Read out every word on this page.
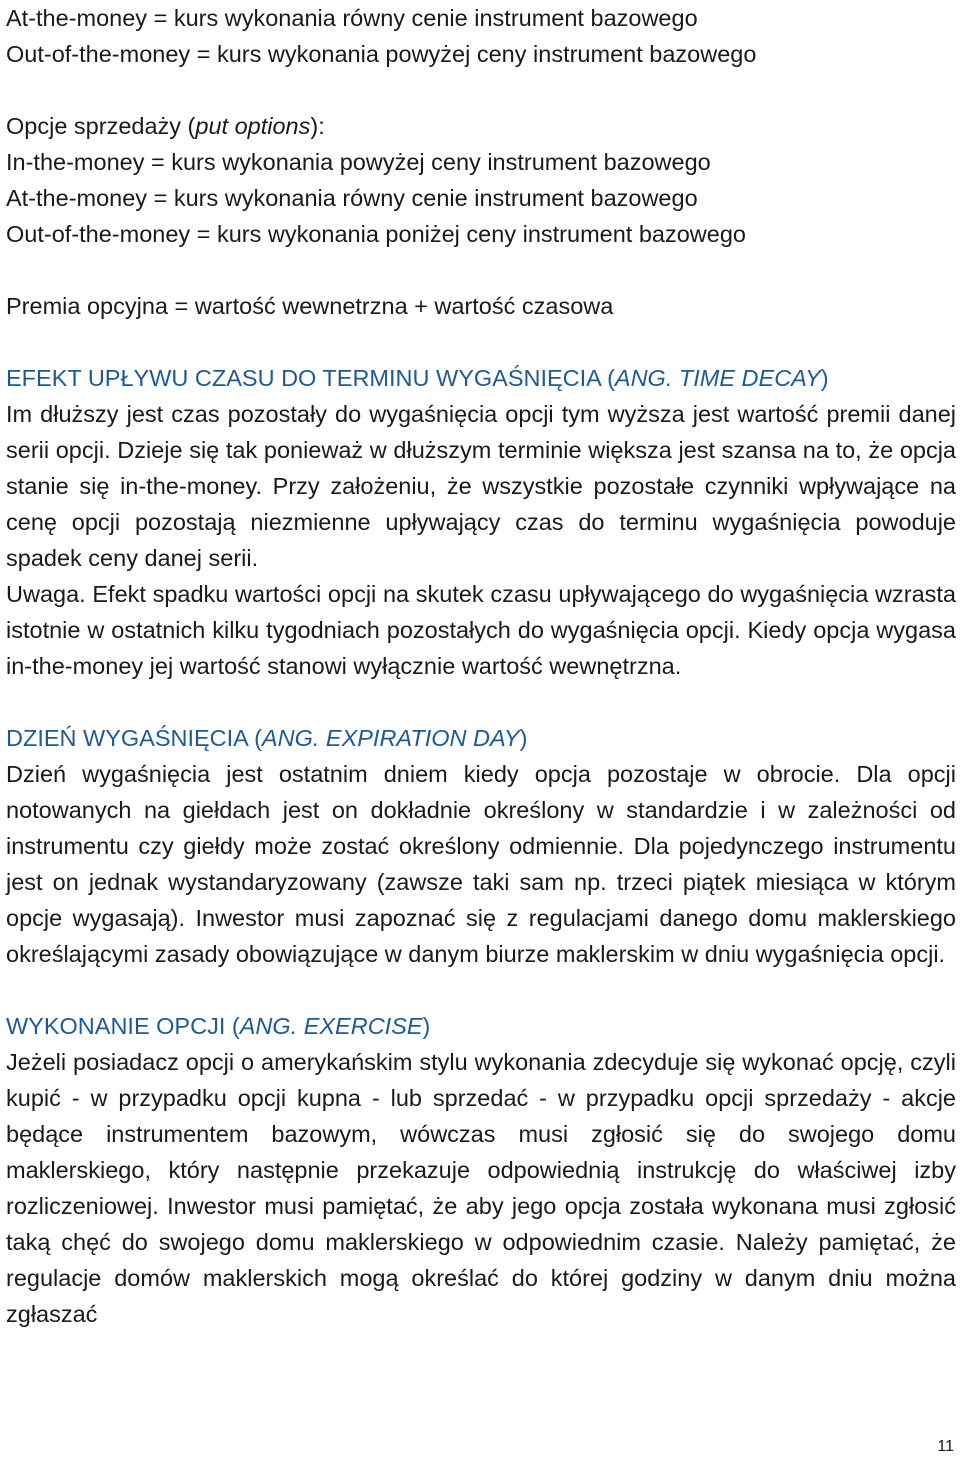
At-the-money = kurs wykonania równy cenie instrument bazowego
Out-of-the-money = kurs wykonania powyżej ceny instrument bazowego
Opcje sprzedaży (put options):
In-the-money = kurs wykonania powyżej ceny instrument bazowego
At-the-money = kurs wykonania równy cenie instrument bazowego
Out-of-the-money = kurs wykonania poniżej ceny instrument bazowego
Premia opcyjna = wartość wewnetrzna + wartość czasowa
EFEKT UPŁYWU CZASU DO TERMINU WYGAŚNIĘCIA (ANG. TIME DECAY)
Im dłuższy jest czas pozostały do wygaśnięcia opcji tym wyższa jest wartość premii danej serii opcji. Dzieje się tak ponieważ w dłuższym terminie większa jest szansa na to, że opcja stanie się in-the-money. Przy założeniu, że wszystkie pozostałe czynniki wpływające na cenę opcji pozostają niezmienne upływający czas do terminu wygaśnięcia powoduje spadek ceny danej serii.
Uwaga. Efekt spadku wartości opcji na skutek czasu upływającego do wygaśnięcia wzrasta istotnie w ostatnich kilku tygodniach pozostałych do wygaśnięcia opcji. Kiedy opcja wygasa in-the-money jej wartość stanowi wyłącznie wartość wewnętrzna.
DZIEŃ WYGAŚNIĘCIA (ANG. EXPIRATION DAY)
Dzień wygaśnięcia jest ostatnim dniem kiedy opcja pozostaje w obrocie. Dla opcji notowanych na giełdach jest on dokładnie określony w standardzie i w zależności od instrumentu czy giełdy może zostać określony odmiennie. Dla pojedynczego instrumentu jest on jednak wystandaryzowany (zawsze taki sam np. trzeci piątek miesiąca w którym opcje wygasają). Inwestor musi zapoznać się z regulacjami danego domu maklerskiego określającymi zasady obowiązujące w danym biurze maklerskim w dniu wygaśnięcia opcji.
WYKONANIE OPCJI (ANG. EXERCISE)
Jeżeli posiadacz opcji o amerykańskim stylu wykonania zdecyduje się wykonać opcję, czyli kupić - w przypadku opcji kupna - lub sprzedać - w przypadku opcji sprzedaży - akcje będące instrumentem bazowym, wówczas musi zgłosić się do swojego domu maklerskiego, który następnie przekazuje odpowiednią instrukcję do właściwej izby rozliczeniowej. Inwestor musi pamiętać, że aby jego opcja została wykonana musi zgłosić taką chęć do swojego domu maklerskiego w odpowiednim czasie. Należy pamiętać, że regulacje domów maklerskich mogą określać do której godziny w danym dniu można zgłaszać
11
